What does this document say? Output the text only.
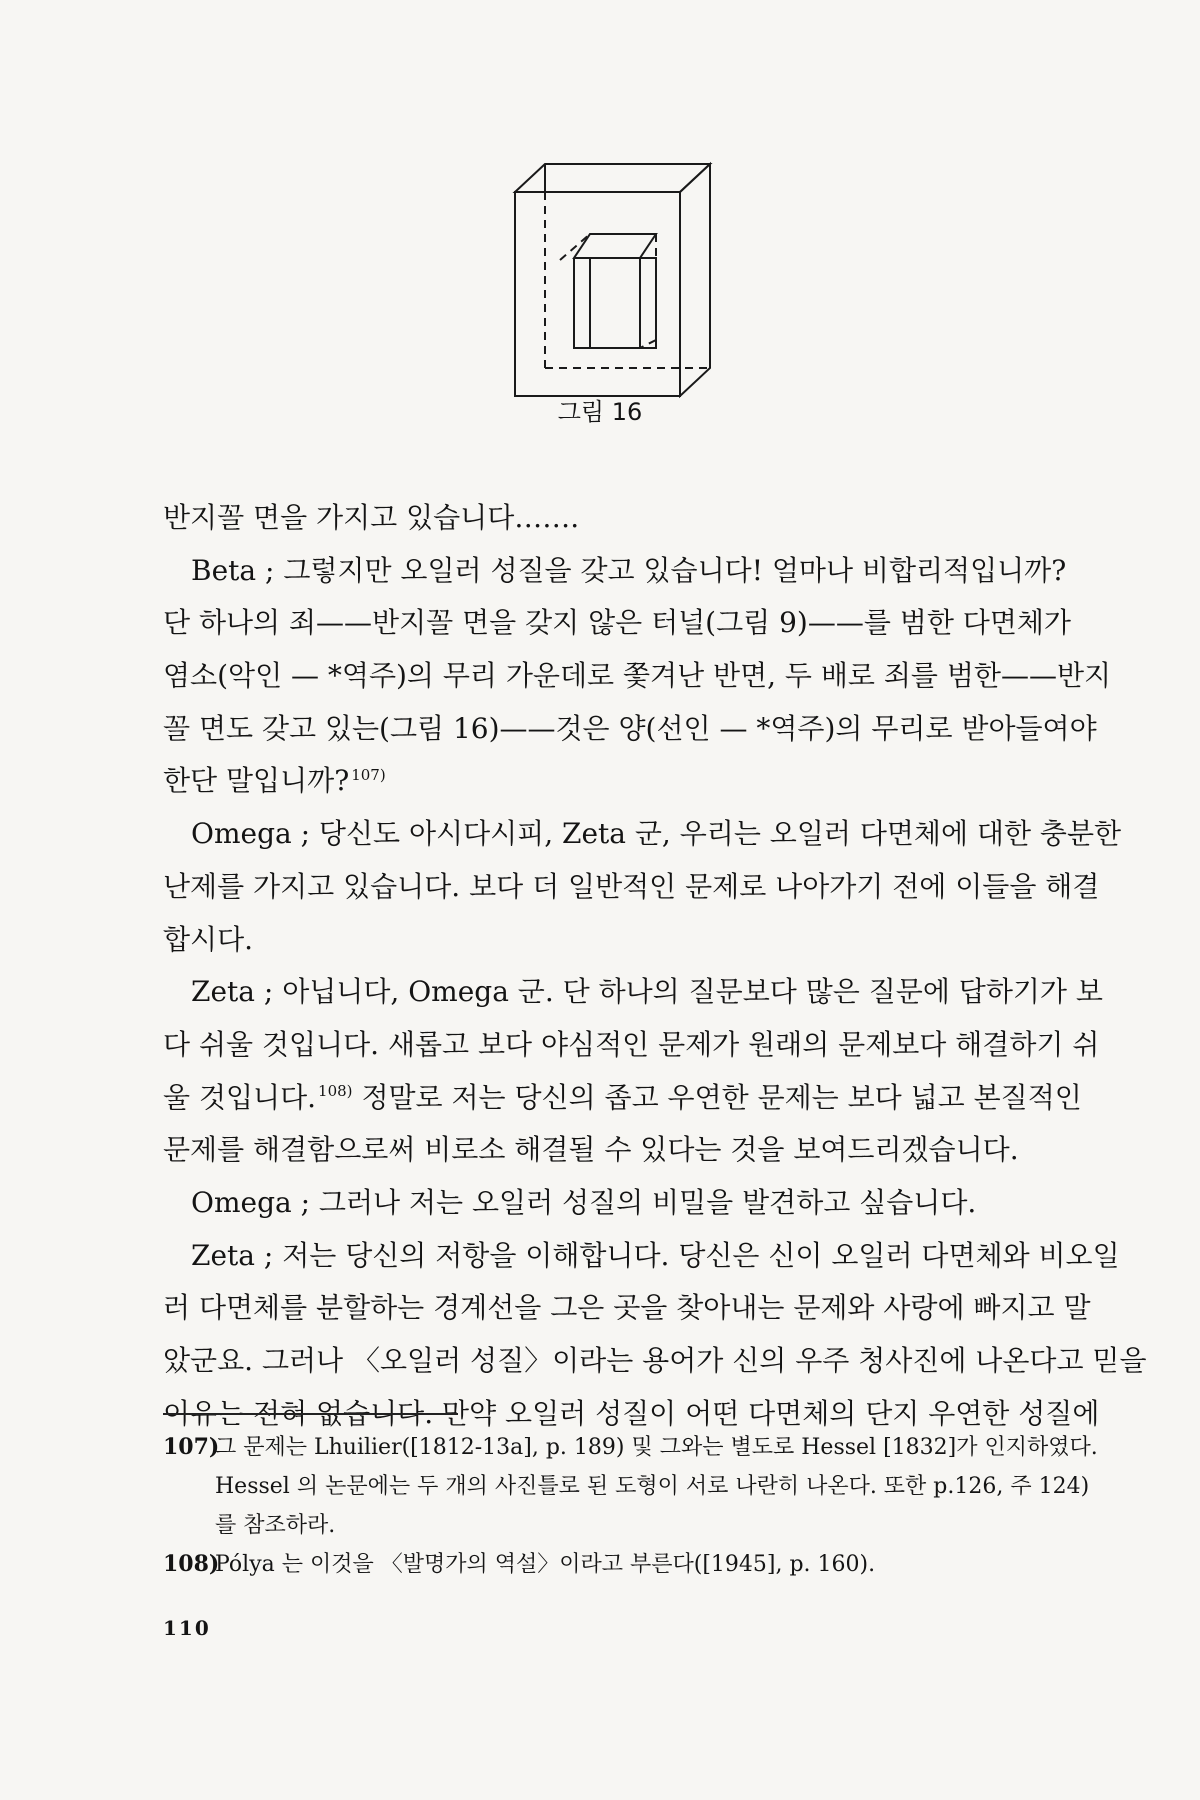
그림 16
반지꼴 면을 가지고 있습니다…….
Beta ; 그렇지만 오일러 성질을 갖고 있습니다! 얼마나 비합리적입니까?
단 하나의 죄——반지꼴 면을 갖지 않은 터널(그림 9)——를 범한 다면체가
염소(악인 — *역주)의 무리 가운데로 쫓겨난 반면, 두 배로 죄를 범한——반지
꼴 면도 갖고 있는(그림 16)——것은 양(선인 — *역주)의 무리로 받아들여야
한단 말입니까? $^{107)}$
Omega ; 당신도 아시다시피, Zeta 군, 우리는 오일러 다면체에 대한 충분한
난제를 가지고 있습니다. 보다 더 일반적인 문제로 나아가기 전에 이들을 해결
합시다.
Zeta ; 아닙니다, Omega 군. 단 하나의 질문보다 많은 질문에 답하기가 보
다 쉬울 것입니다. 새롭고 보다 야심적인 문제가 원래의 문제보다 해결하기 쉬
울 것입니다. $^{108)}$ 정말로 저는 당신의 좁고 우연한 문제는 보다 넓고 본질적인
문제를 해결함으로써 비로소 해결될 수 있다는 것을 보여드리겠습니다.
Omega ; 그러나 저는 오일러 성질의 비밀을 발견하고 싶습니다.
Zeta ; 저는 당신의 저항을 이해합니다. 당신은 신이 오일러 다면체와 비오일
러 다면체를 분할하는 경계선을 그은 곳을 찾아내는 문제와 사랑에 빠지고 말
았군요. 그러나 〈오일러 성질〉이라는 용어가 신의 우주 청사진에 나온다고 믿을
이유는 전혀 없습니다. 만약 오일러 성질이 어떤 다면체의 단지 우연한 성질에
107)그 문제는 Lhuilier([1812-13a], p. 189) 및 그와는 별도로 Hessel [1832]가 인지하였다.
Hessel 의 논문에는 두 개의 사진틀로 된 도형이 서로 나란히 나온다. 또한 p.126, 주 124)
를 참조하라.
108)Pólya 는 이것을 〈발명가의 역설〉이라고 부른다([1945], p. 160).
110
